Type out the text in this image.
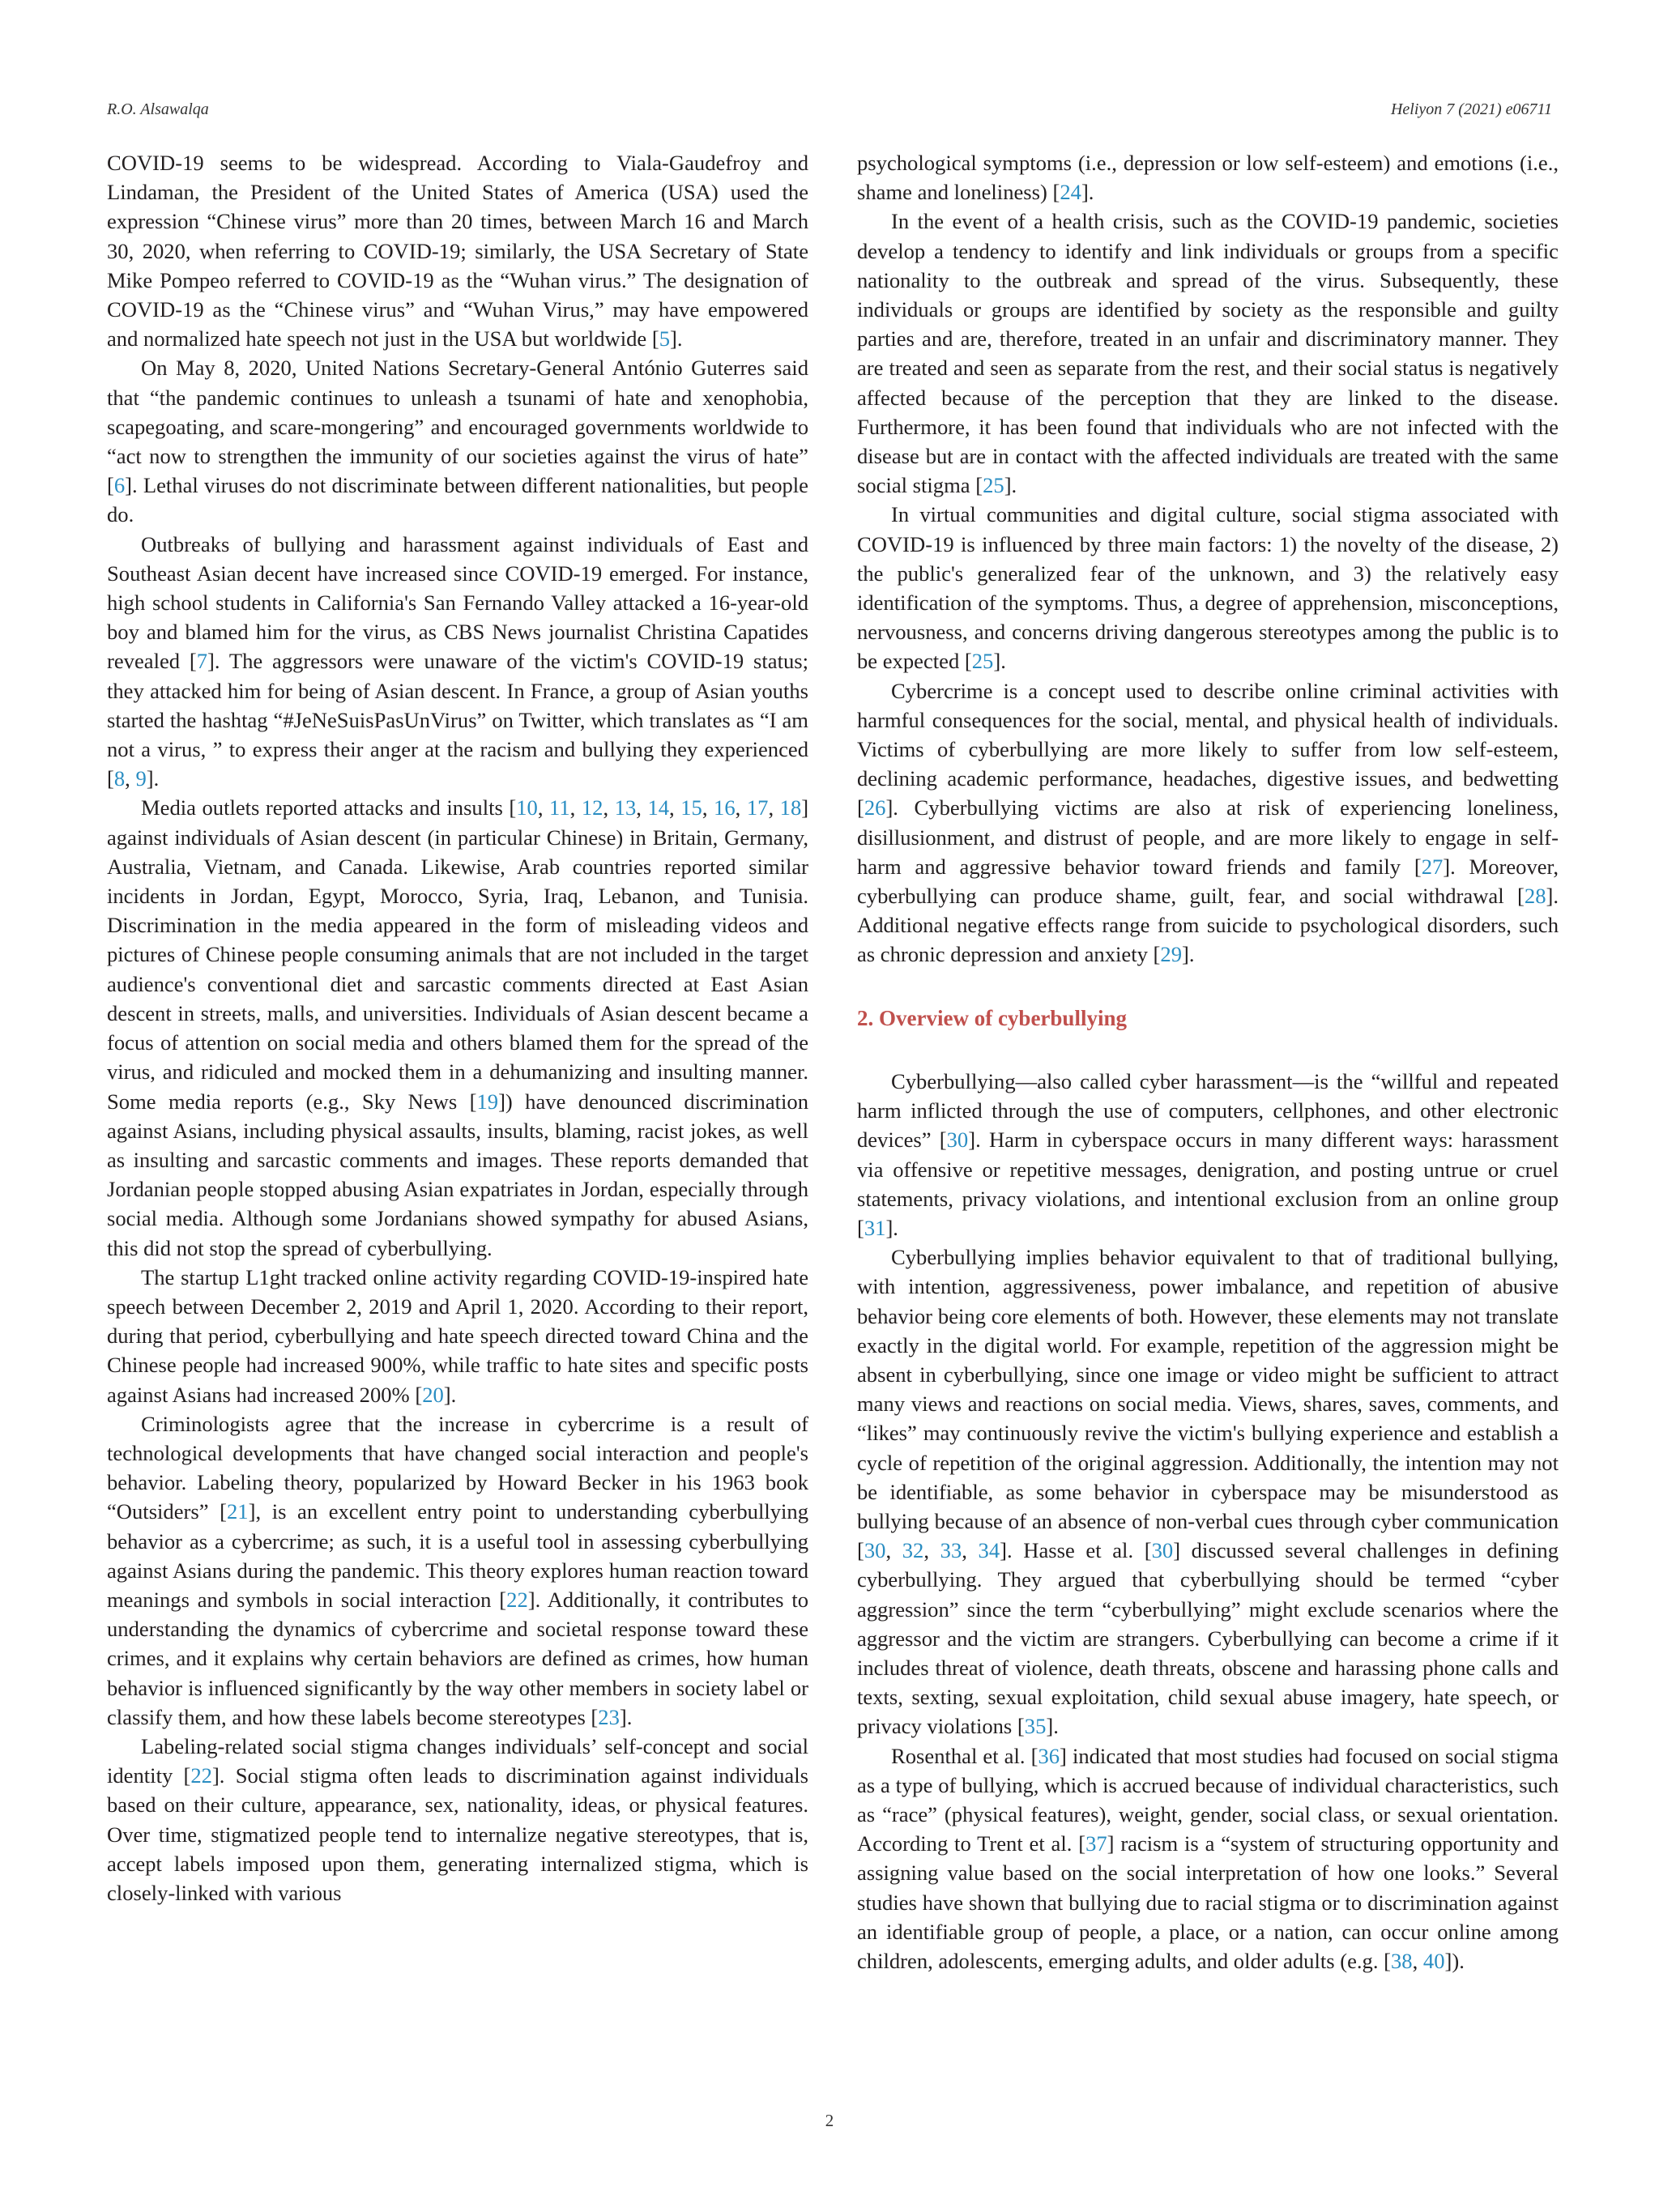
R.O. Alsawalqa	Heliyon 7 (2021) e06711

COVID-19 seems to be widespread. According to Viala-Gaudefroy and Lindaman, the President of the United States of America (USA) used the expression “Chinese virus” more than 20 times, between March 16 and March 30, 2020, when referring to COVID-19; similarly, the USA Secretary of State Mike Pompeo referred to COVID-19 as the “Wuhan virus.” The designation of COVID-19 as the “Chinese virus” and “Wuhan Virus,” may have empowered and normalized hate speech not just in the USA but worldwide [5].

On May 8, 2020, United Nations Secretary-General António Guterres said that “the pandemic continues to unleash a tsunami of hate and xenophobia, scapegoating, and scare-mongering” and encouraged governments worldwide to “act now to strengthen the immunity of our societies against the virus of hate” [6]. Lethal viruses do not discriminate between different nationalities, but people do.

Outbreaks of bullying and harassment against individuals of East and Southeast Asian decent have increased since COVID-19 emerged. For instance, high school students in California's San Fernando Valley attacked a 16-year-old boy and blamed him for the virus, as CBS News journalist Christina Capatides revealed [7]. The aggressors were unaware of the victim's COVID-19 status; they attacked him for being of Asian descent. In France, a group of Asian youths started the hashtag “#JeNeSuisPasUnVirus” on Twitter, which translates as “I am not a virus, ” to express their anger at the racism and bullying they experienced [8, 9].

Media outlets reported attacks and insults [10, 11, 12, 13, 14, 15, 16, 17, 18] against individuals of Asian descent (in particular Chinese) in Britain, Germany, Australia, Vietnam, and Canada. Likewise, Arab countries reported similar incidents in Jordan, Egypt, Morocco, Syria, Iraq, Lebanon, and Tunisia. Discrimination in the media appeared in the form of misleading videos and pictures of Chinese people consuming animals that are not included in the target audience's conventional diet and sarcastic comments directed at East Asian descent in streets, malls, and universities. Individuals of Asian descent became a focus of attention on social media and others blamed them for the spread of the virus, and ridiculed and mocked them in a dehumanizing and insulting manner. Some media reports (e.g., Sky News [19]) have denounced discrimination against Asians, including physical assaults, insults, blaming, racist jokes, as well as insulting and sarcastic comments and images. These reports demanded that Jordanian people stopped abusing Asian expatriates in Jordan, especially through social media. Although some Jordanians showed sympathy for abused Asians, this did not stop the spread of cyberbullying.

The startup L1ght tracked online activity regarding COVID-19-inspired hate speech between December 2, 2019 and April 1, 2020. According to their report, during that period, cyberbullying and hate speech directed toward China and the Chinese people had increased 900%, while traffic to hate sites and specific posts against Asians had increased 200% [20].

Criminologists agree that the increase in cybercrime is a result of technological developments that have changed social interaction and people's behavior. Labeling theory, popularized by Howard Becker in his 1963 book “Outsiders” [21], is an excellent entry point to understanding cyberbullying behavior as a cybercrime; as such, it is a useful tool in assessing cyberbullying against Asians during the pandemic. This theory explores human reaction toward meanings and symbols in social interaction [22]. Additionally, it contributes to understanding the dynamics of cybercrime and societal response toward these crimes, and it explains why certain behaviors are defined as crimes, how human behavior is influenced significantly by the way other members in society label or classify them, and how these labels become stereotypes [23].

Labeling-related social stigma changes individuals’ self-concept and social identity [22]. Social stigma often leads to discrimination against individuals based on their culture, appearance, sex, nationality, ideas, or physical features. Over time, stigmatized people tend to internalize negative stereotypes, that is, accept labels imposed upon them, generating internalized stigma, which is closely-linked with various

psychological symptoms (i.e., depression or low self-esteem) and emotions (i.e., shame and loneliness) [24].

In the event of a health crisis, such as the COVID-19 pandemic, societies develop a tendency to identify and link individuals or groups from a specific nationality to the outbreak and spread of the virus. Subsequently, these individuals or groups are identified by society as the responsible and guilty parties and are, therefore, treated in an unfair and discriminatory manner. They are treated and seen as separate from the rest, and their social status is negatively affected because of the perception that they are linked to the disease. Furthermore, it has been found that individuals who are not infected with the disease but are in contact with the affected individuals are treated with the same social stigma [25].

In virtual communities and digital culture, social stigma associated with COVID-19 is influenced by three main factors: 1) the novelty of the disease, 2) the public's generalized fear of the unknown, and 3) the relatively easy identification of the symptoms. Thus, a degree of apprehension, misconceptions, nervousness, and concerns driving dangerous stereotypes among the public is to be expected [25].

Cybercrime is a concept used to describe online criminal activities with harmful consequences for the social, mental, and physical health of individuals. Victims of cyberbullying are more likely to suffer from low self-esteem, declining academic performance, headaches, digestive issues, and bedwetting [26]. Cyberbullying victims are also at risk of experiencing loneliness, disillusionment, and distrust of people, and are more likely to engage in self-harm and aggressive behavior toward friends and family [27]. Moreover, cyberbullying can produce shame, guilt, fear, and social withdrawal [28]. Additional negative effects range from suicide to psychological disorders, such as chronic depression and anxiety [29].

2. Overview of cyberbullying

Cyberbullying—also called cyber harassment—is the “willful and repeated harm inflicted through the use of computers, cellphones, and other electronic devices” [30]. Harm in cyberspace occurs in many different ways: harassment via offensive or repetitive messages, denigration, and posting untrue or cruel statements, privacy violations, and intentional exclusion from an online group [31].

Cyberbullying implies behavior equivalent to that of traditional bullying, with intention, aggressiveness, power imbalance, and repetition of abusive behavior being core elements of both. However, these elements may not translate exactly in the digital world. For example, repetition of the aggression might be absent in cyberbullying, since one image or video might be sufficient to attract many views and reactions on social media. Views, shares, saves, comments, and “likes” may continuously revive the victim's bullying experience and establish a cycle of repetition of the original aggression. Additionally, the intention may not be identifiable, as some behavior in cyberspace may be misunderstood as bullying because of an absence of non-verbal cues through cyber communication [30, 32, 33, 34]. Hasse et al. [30] discussed several challenges in defining cyberbullying. They argued that cyberbullying should be termed “cyber aggression” since the term “cyberbullying” might exclude scenarios where the aggressor and the victim are strangers. Cyberbullying can become a crime if it includes threat of violence, death threats, obscene and harassing phone calls and texts, sexting, sexual exploitation, child sexual abuse imagery, hate speech, or privacy violations [35].

Rosenthal et al. [36] indicated that most studies had focused on social stigma as a type of bullying, which is accrued because of individual characteristics, such as “race” (physical features), weight, gender, social class, or sexual orientation. According to Trent et al. [37] racism is a “system of structuring opportunity and assigning value based on the social interpretation of how one looks.” Several studies have shown that bullying due to racial stigma or to discrimination against an identifiable group of people, a place, or a nation, can occur online among children, adolescents, emerging adults, and older adults (e.g. [38, 40]).

2
